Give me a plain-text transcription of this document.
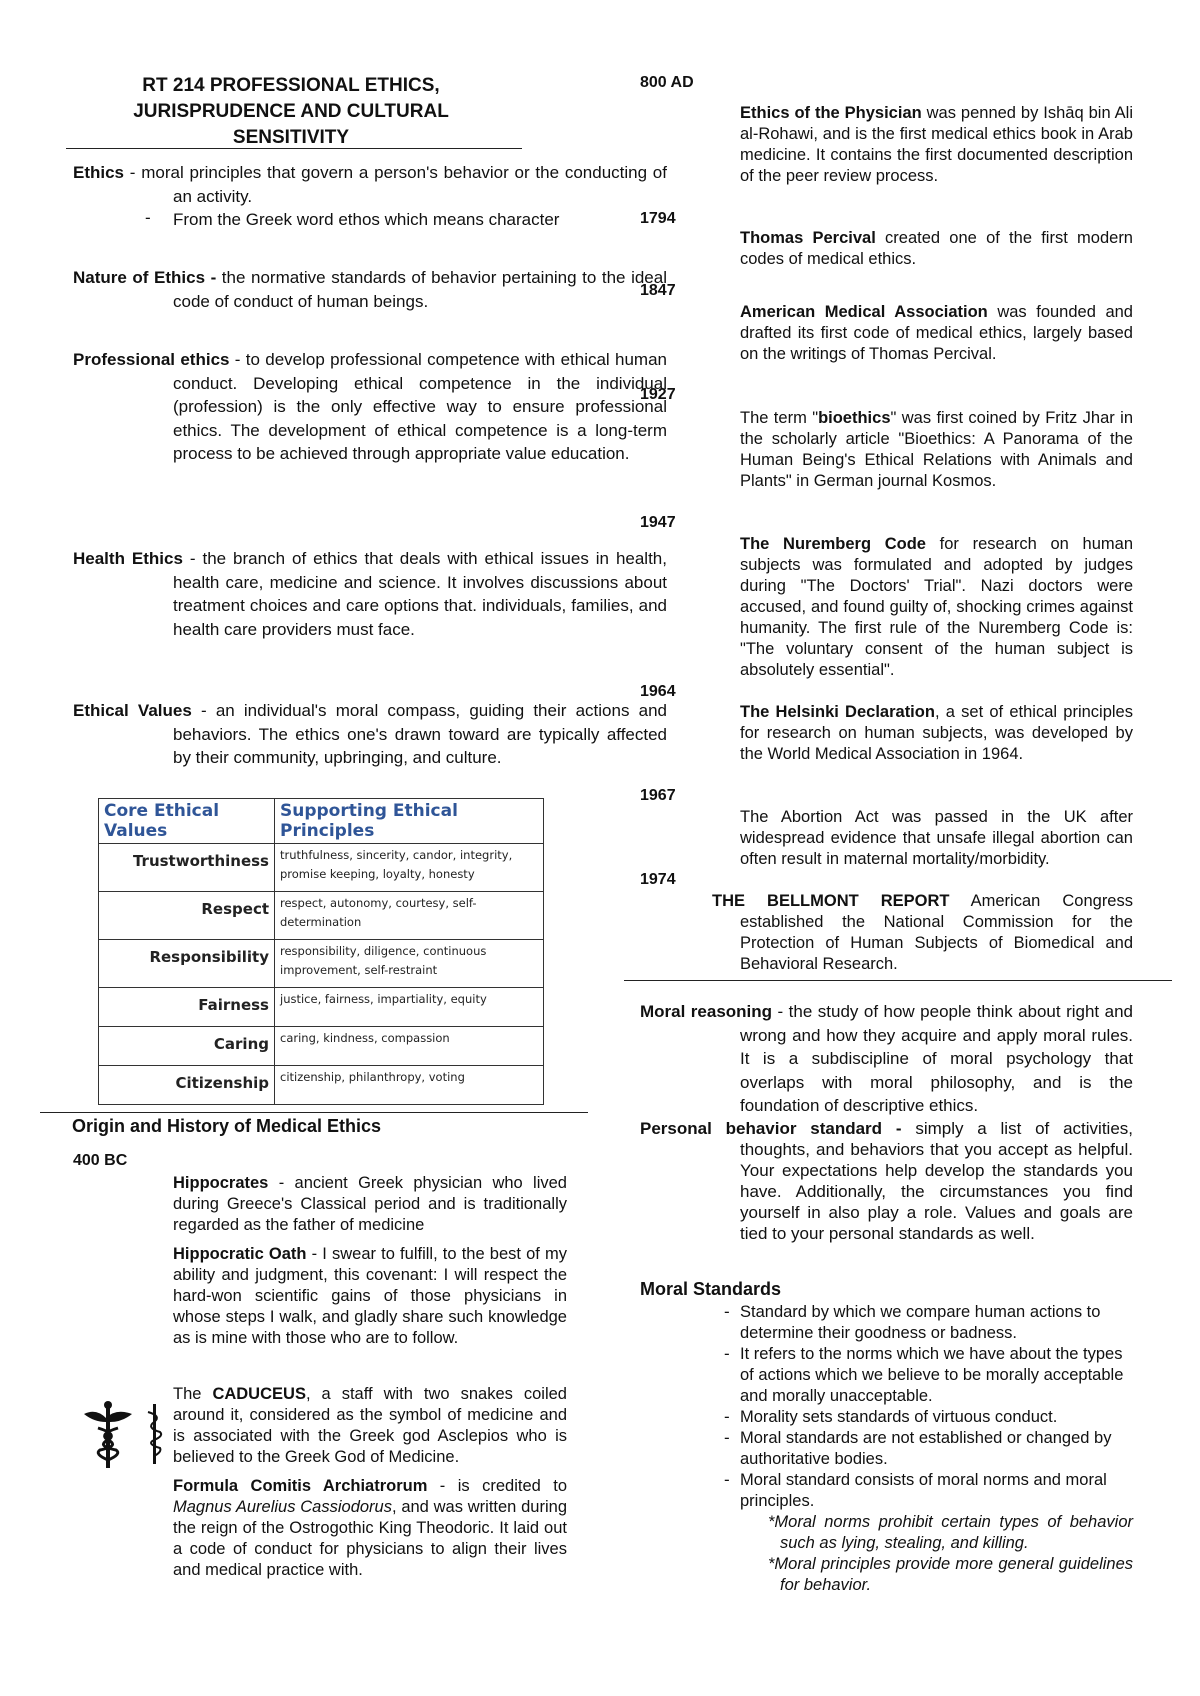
RT 214 PROFESSIONAL ETHICS,
JURISPRUDENCE AND CULTURAL
SENSITIVITY
Ethics - moral principles that govern a person's behavior or the conducting of an activity.
- From the Greek word ethos which means character
Nature of Ethics - the normative standards of behavior pertaining to the ideal code of conduct of human beings.
Professional ethics - to develop professional competence with ethical human conduct. Developing ethical competence in the individual (profession) is the only effective way to ensure professional ethics. The development of ethical competence is a long-term process to be achieved through appropriate value education.
Health Ethics - the branch of ethics that deals with ethical issues in health, health care, medicine and science. It involves discussions about treatment choices and care options that. individuals, families, and health care providers must face.
Ethical Values - an individual's moral compass, guiding their actions and behaviors. The ethics one's drawn toward are typically affected by their community, upbringing, and culture.
Core Ethical Values	Supporting Ethical Principles
Trustworthiness	truthfulness, sincerity, candor, integrity, promise keeping, loyalty, honesty
Respect	respect, autonomy, courtesy, self-determination
Responsibility	responsibility, diligence, continuous improvement, self-restraint
Fairness	justice, fairness, impartiality, equity
Caring	caring, kindness, compassion
Citizenship	citizenship, philanthropy, voting
Origin and History of Medical Ethics
400 BC
Hippocrates - ancient Greek physician who lived during Greece's Classical period and is traditionally regarded as the father of medicine
Hippocratic Oath - I swear to fulfill, to the best of my ability and judgment, this covenant: I will respect the hard-won scientific gains of those physicians in whose steps I walk, and gladly share such knowledge as is mine with those who are to follow.
The CADUCEUS, a staff with two snakes coiled around it, considered as the symbol of medicine and is associated with the Greek god Asclepios who is believed to the Greek God of Medicine.
Formula Comitis Archiatrorum - is credited to Magnus Aurelius Cassiodorus, and was written during the reign of the Ostrogothic King Theodoric. It laid out a code of conduct for physicians to align their lives and medical practice with.
800 AD
Ethics of the Physician was penned by Ishāq bin Ali al-Rohawi, and is the first medical ethics book in Arab medicine. It contains the first documented description of the peer review process.
1794
Thomas Percival created one of the first modern codes of medical ethics.
1847
American Medical Association was founded and drafted its first code of medical ethics, largely based on the writings of Thomas Percival.
1927
The term "bioethics" was first coined by Fritz Jhar in the scholarly article "Bioethics: A Panorama of the Human Being's Ethical Relations with Animals and Plants" in German journal Kosmos.
1947
The Nuremberg Code for research on human subjects was formulated and adopted by judges during "The Doctors' Trial". Nazi doctors were accused, and found guilty of, shocking crimes against humanity. The first rule of the Nuremberg Code is: "The voluntary consent of the human subject is absolutely essential".
1964
The Helsinki Declaration, a set of ethical principles for research on human subjects, was developed by the World Medical Association in 1964.
1967
The Abortion Act was passed in the UK after widespread evidence that unsafe illegal abortion can often result in maternal mortality/morbidity.
1974
THE BELLMONT REPORT American Congress established the National Commission for the Protection of Human Subjects of Biomedical and Behavioral Research.
Moral reasoning - the study of how people think about right and wrong and how they acquire and apply moral rules. It is a subdiscipline of moral psychology that overlaps with moral philosophy, and is the foundation of descriptive ethics.
Personal behavior standard - simply a list of activities, thoughts, and behaviors that you accept as helpful. Your expectations help develop the standards you have. Additionally, the circumstances you find yourself in also play a role. Values and goals are tied to your personal standards as well.
Moral Standards
- Standard by which we compare human actions to determine their goodness or badness.
- It refers to the norms which we have about the types of actions which we believe to be morally acceptable and morally unacceptable.
- Morality sets standards of virtuous conduct.
- Moral standards are not established or changed by authoritative bodies.
- Moral standard consists of moral norms and moral principles.
*Moral norms prohibit certain types of behavior such as lying, stealing, and killing.
*Moral principles provide more general guidelines for behavior.
